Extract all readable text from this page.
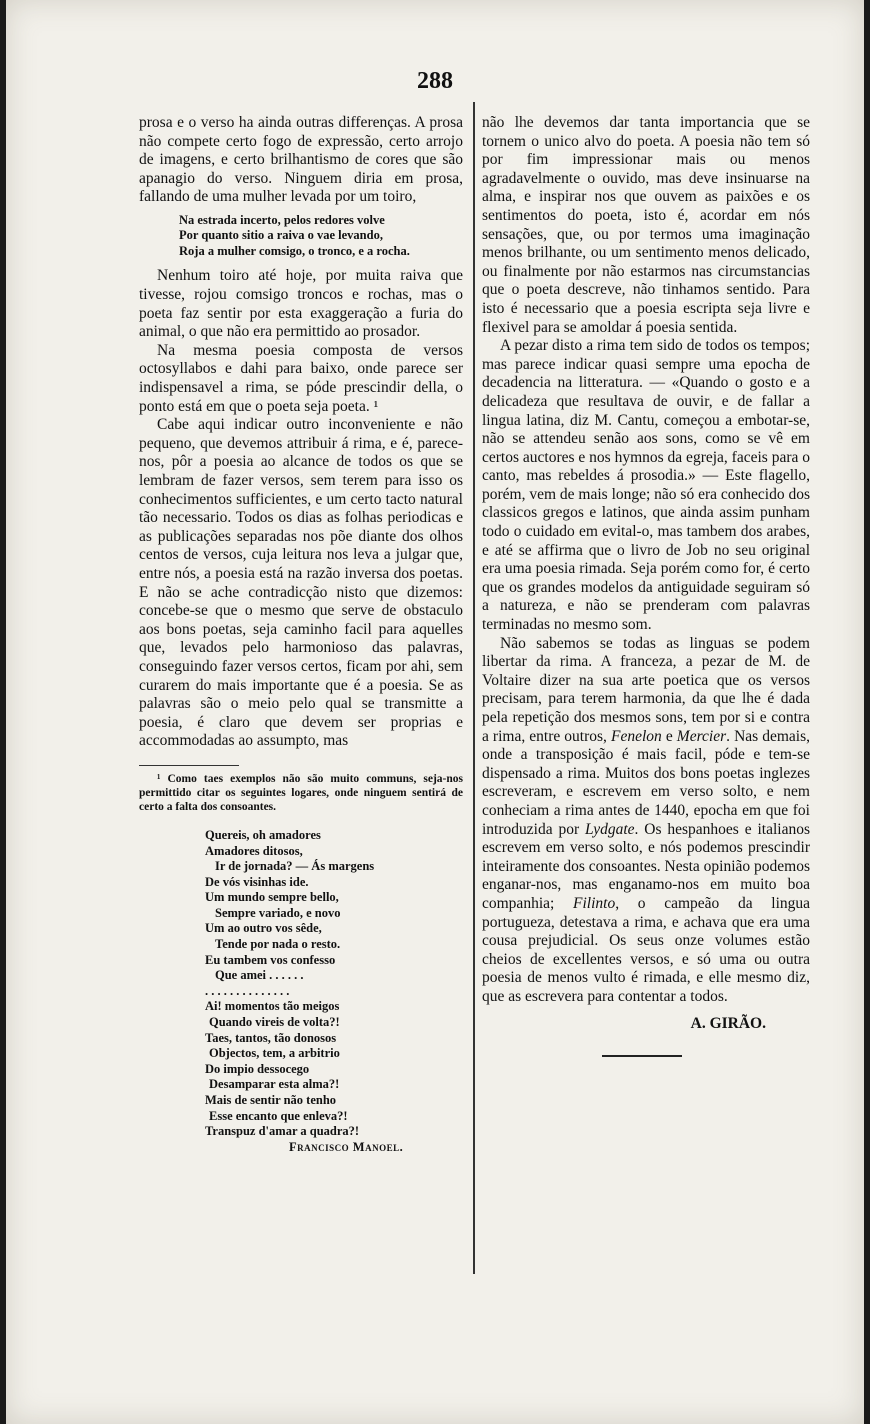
288

prosa e o verso ha ainda outras differenças. A prosa não compete certo fogo de expressão, certo arrojo de imagens, e certo brilhantismo de cores que são apanagio do verso. Ninguem diria em prosa, fallando de uma mulher levada por um toiro,

Na estrada incerto, pelos redores volve
Por quanto sitio a raiva o vae levando,
Roja a mulher comsigo, o tronco, e a rocha.

Nenhum toiro até hoje, por muita raiva que tivesse, rojou comsigo troncos e rochas, mas o poeta faz sentir por esta exaggeração a furia do animal, o que não era permittido ao prosador.

Na mesma poesia composta de versos octosyllabos e dahi para baixo, onde parece ser indispensavel a rima, se póde prescindir della, o ponto está em que o poeta seja poeta. ¹

Cabe aqui indicar outro inconveniente e não pequeno, que devemos attribuir á rima, e é, parece-nos, pôr a poesia ao alcance de todos os que se lembram de fazer versos, sem terem para isso os conhecimentos sufficientes, e um certo tacto natural tão necessario. Todos os dias as folhas periodicas e as publicações separadas nos põe diante dos olhos centos de versos, cuja leitura nos leva a julgar que, entre nós, a poesia está na razão inversa dos poetas. E não se ache contradicção nisto que dizemos: concebe-se que o mesmo que serve de obstaculo aos bons poetas, seja caminho facil para aquelles que, levados pelo harmonioso das palavras, conseguindo fazer versos certos, ficam por ahi, sem curarem do mais importante que é a poesia. Se as palavras são o meio pelo qual se transmitte a poesia, é claro que devem ser proprias e accommodadas ao assumpto, mas

¹ Como taes exemplos não são muito communs, seja-nos permittido citar os seguintes logares, onde ninguem sentirá de certo a falta dos consoantes.

Quereis, oh amadores
Amadores ditosos,
Ir de jornada? — Ás margens
De vós visinhas ide.
Um mundo sempre bello,
Sempre variado, e novo
Um ao outro vos sêde,
Tende por nada o resto.
Eu tambem vos confesso
Que amei . . . . . .
. . . . . . . . . . . . . .
Ai! momentos tão meigos
Quando vireis de volta?!
Taes, tantos, tão donosos
Objectos, tem, a arbitrio
Do impio dessocego
Desamparar esta alma?!
Mais de sentir não tenho
Esse encanto que enleva?!
Transpuz d'amar a quadra?!
Francisco Manoel.

não lhe devemos dar tanta importancia que se tornem o unico alvo do poeta. A poesia não tem só por fim impressionar mais ou menos agradavelmente o ouvido, mas deve insinuarse na alma, e inspirar nos que ouvem as paixões e os sentimentos do poeta, isto é, acordar em nós sensações, que, ou por termos uma imaginação menos brilhante, ou um sentimento menos delicado, ou finalmente por não estarmos nas circumstancias que o poeta descreve, não tinhamos sentido. Para isto é necessario que a poesia escripta seja livre e flexivel para se amoldar á poesia sentida.

A pezar disto a rima tem sido de todos os tempos; mas parece indicar quasi sempre uma epocha de decadencia na litteratura. — «Quando o gosto e a delicadeza que resultava de ouvir, e de fallar a lingua latina, diz M. Cantu, começou a embotar-se, não se attendeu senão aos sons, como se vê em certos auctores e nos hymnos da egreja, faceis para o canto, mas rebeldes á prosodia.» — Este flagello, porém, vem de mais longe; não só era conhecido dos classicos gregos e latinos, que ainda assim punham todo o cuidado em evital-o, mas tambem dos arabes, e até se affirma que o livro de Job no seu original era uma poesia rimada. Seja porém como for, é certo que os grandes modelos da antiguidade seguiram só a natureza, e não se prenderam com palavras terminadas no mesmo som.

Não sabemos se todas as linguas se podem libertar da rima. A franceza, a pezar de M. de Voltaire dizer na sua arte poetica que os versos precisam, para terem harmonia, da que lhe é dada pela repetição dos mesmos sons, tem por si e contra a rima, entre outros, Fenelon e Mercier. Nas demais, onde a transposição é mais facil, póde e tem-se dispensado a rima. Muitos dos bons poetas inglezes escreveram, e escrevem em verso solto, e nem conheciam a rima antes de 1440, epocha em que foi introduzida por Lydgate. Os hespanhoes e italianos escrevem em verso solto, e nós podemos prescindir inteiramente dos consoantes. Nesta opinião podemos enganar-nos, mas enganamo-nos em muito boa companhia; Filinto, o campeão da lingua portugueza, detestava a rima, e achava que era uma cousa prejudicial. Os seus onze volumes estão cheios de excellentes versos, e só uma ou outra poesia de menos vulto é rimada, e elle mesmo diz, que as escrevera para contentar a todos.

A. GIRÃO.
